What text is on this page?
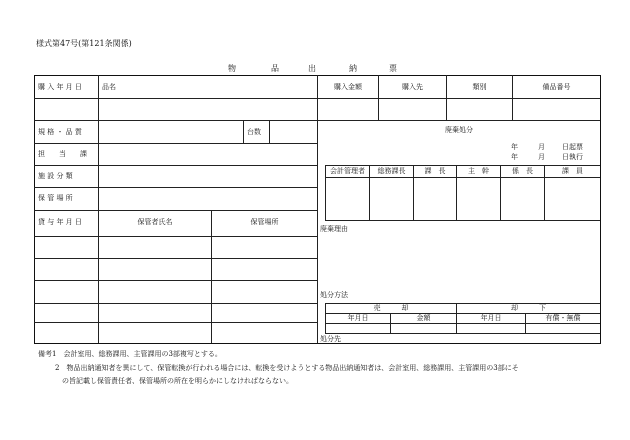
様式第47号(第121条関係)
物	品	出	納	票
購 入 年 月 日	品名	購入金額	購入先	類別	備品番号
規 格 ・ 品 質	台数
担　　当　　課
施 設 分 類
保 管 場 所
貸 与 年 月 日	保管者氏名	保管場所
廃棄処分
年	月 日起票
年	月 日執行
会計管理者	総務課長	課　長	主　幹	係　長	課　員
廃棄理由
処分方法
売　　　却	却　　　下
年月日	金額	年月日	有償・無償
処分先
備考1　会計室用、総務課用、主管課用の3部複写とする。
2　物品出納通知者を異にして、保管転換が行われる場合には、転換を受けようとする物品出納通知者は、会計室用、総務課用、主管課用の3部にそ
の旨記載し保管責任者、保管場所の所在を明らかにしなければならない。
